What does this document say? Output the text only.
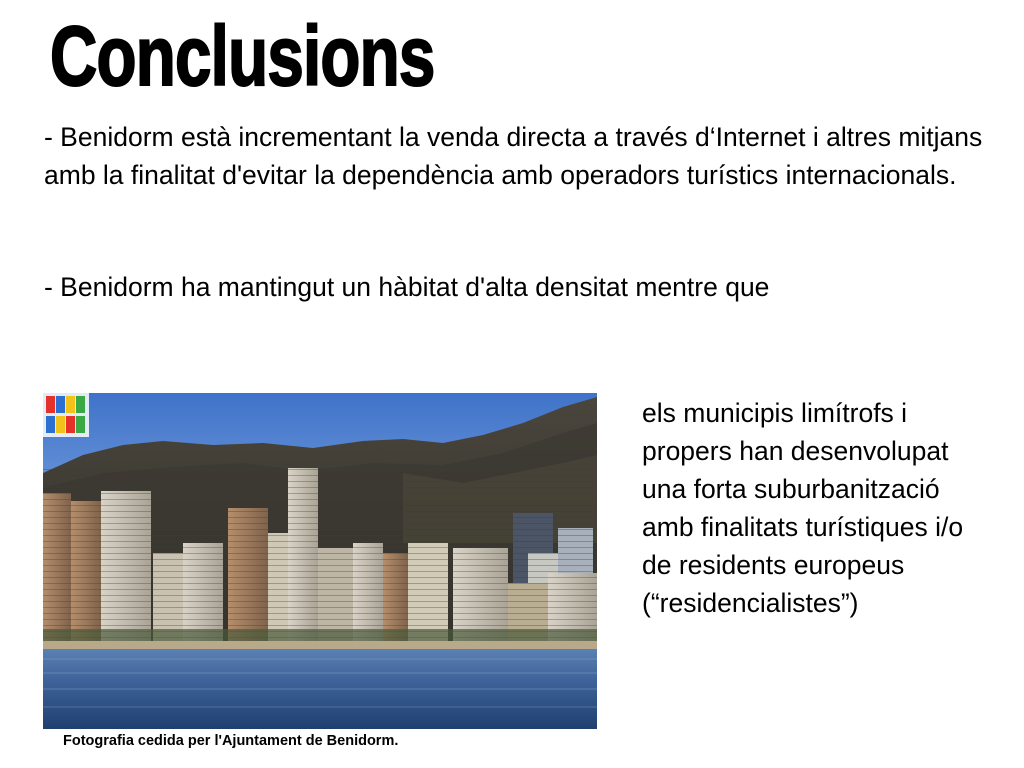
Conclusions

- Benidorm està incrementant la venda directa a través d‘Internet i altres mitjans amb la finalitat d'evitar la dependència amb operadors turístics internacionals.

- Benidorm ha mantingut un hàbitat d'alta densitat mentre que

els municipis limítrofs i propers han desenvolupat una forta suburbanització amb finalitats turístiques i/o de residents europeus (“residencialistes”)

Fotografia cedida per l'Ajuntament de Benidorm.
